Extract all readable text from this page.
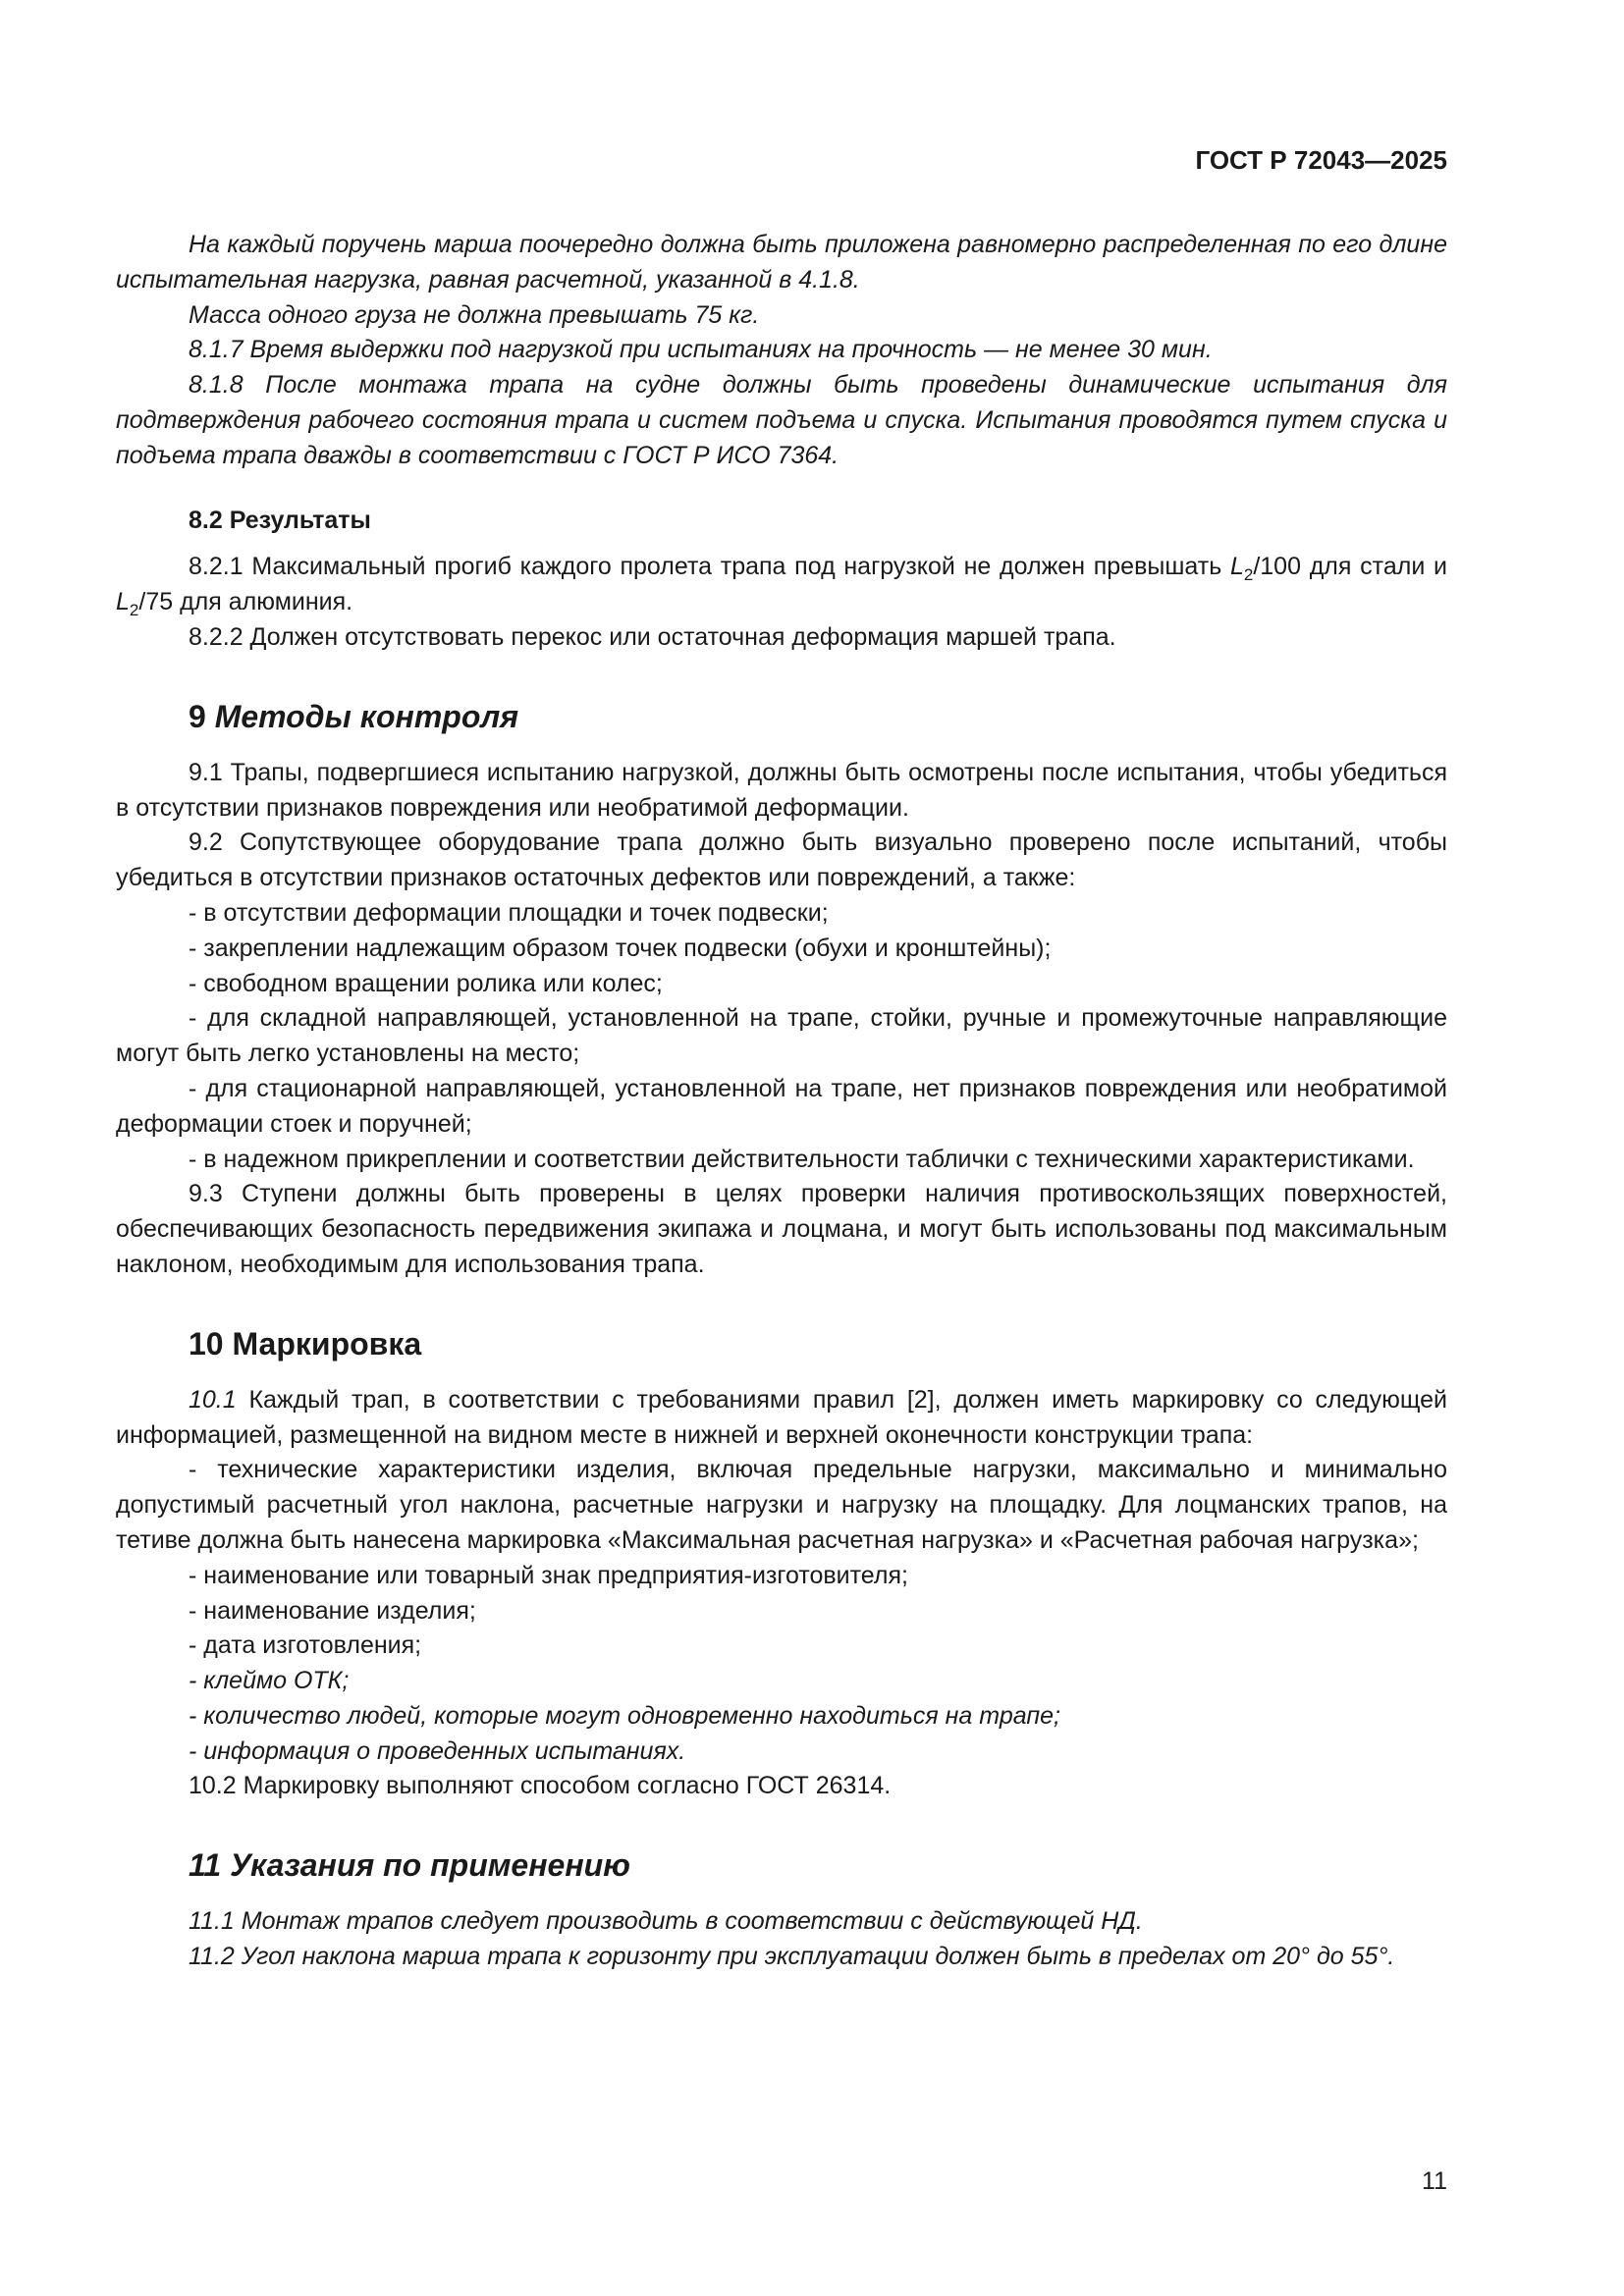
ГОСТ Р 72043—2025

На каждый поручень марша поочередно должна быть приложена равномерно распределенная по его длине испытательная нагрузка, равная расчетной, указанной в 4.1.8.

Масса одного груза не должна превышать 75 кг.

8.1.7 Время выдержки под нагрузкой при испытаниях на прочность — не менее 30 мин.

8.1.8 После монтажа трапа на судне должны быть проведены динамические испытания для подтверждения рабочего состояния трапа и систем подъема и спуска. Испытания проводятся путем спуска и подъема трапа дважды в соответствии с ГОСТ Р ИСО 7364.

8.2 Результаты

8.2.1 Максимальный прогиб каждого пролета трапа под нагрузкой не должен превышать $L_2/100$ для стали и $L_2/75$ для алюминия.

8.2.2 Должен отсутствовать перекос или остаточная деформация маршей трапа.

9 Методы контроля

9.1 Трапы, подвергшиеся испытанию нагрузкой, должны быть осмотрены после испытания, чтобы убедиться в отсутствии признаков повреждения или необратимой деформации.

9.2 Сопутствующее оборудование трапа должно быть визуально проверено после испытаний, чтобы убедиться в отсутствии признаков остаточных дефектов или повреждений, а также:

- в отсутствии деформации площадки и точек подвески;

- закреплении надлежащим образом точек подвески (обухи и кронштейны);

- свободном вращении ролика или колес;

- для складной направляющей, установленной на трапе, стойки, ручные и промежуточные направляющие могут быть легко установлены на место;

- для стационарной направляющей, установленной на трапе, нет признаков повреждения или необратимой деформации стоек и поручней;

- в надежном прикреплении и соответствии действительности таблички с техническими характеристиками.

9.3 Ступени должны быть проверены в целях проверки наличия противоскользящих поверхностей, обеспечивающих безопасность передвижения экипажа и лоцмана, и могут быть использованы под максимальным наклоном, необходимым для использования трапа.

10 Маркировка

10.1 Каждый трап, в соответствии с требованиями правил [2], должен иметь маркировку со следующей информацией, размещенной на видном месте в нижней и верхней оконечности конструкции трапа:

- технические характеристики изделия, включая предельные нагрузки, максимально и минимально допустимый расчетный угол наклона, расчетные нагрузки и нагрузку на площадку. Для лоцманских трапов, на тетиве должна быть нанесена маркировка «Максимальная расчетная нагрузка» и «Расчетная рабочая нагрузка»;

- наименование или товарный знак предприятия-изготовителя;

- наименование изделия;

- дата изготовления;

- клеймо ОТК;

- количество людей, которые могут одновременно находиться на трапе;

- информация о проведенных испытаниях.

10.2 Маркировку выполняют способом согласно ГОСТ 26314.

11 Указания по применению

11.1 Монтаж трапов следует производить в соответствии с действующей НД.

11.2 Угол наклона марша трапа к горизонту при эксплуатации должен быть в пределах от 20° до 55°.

11
